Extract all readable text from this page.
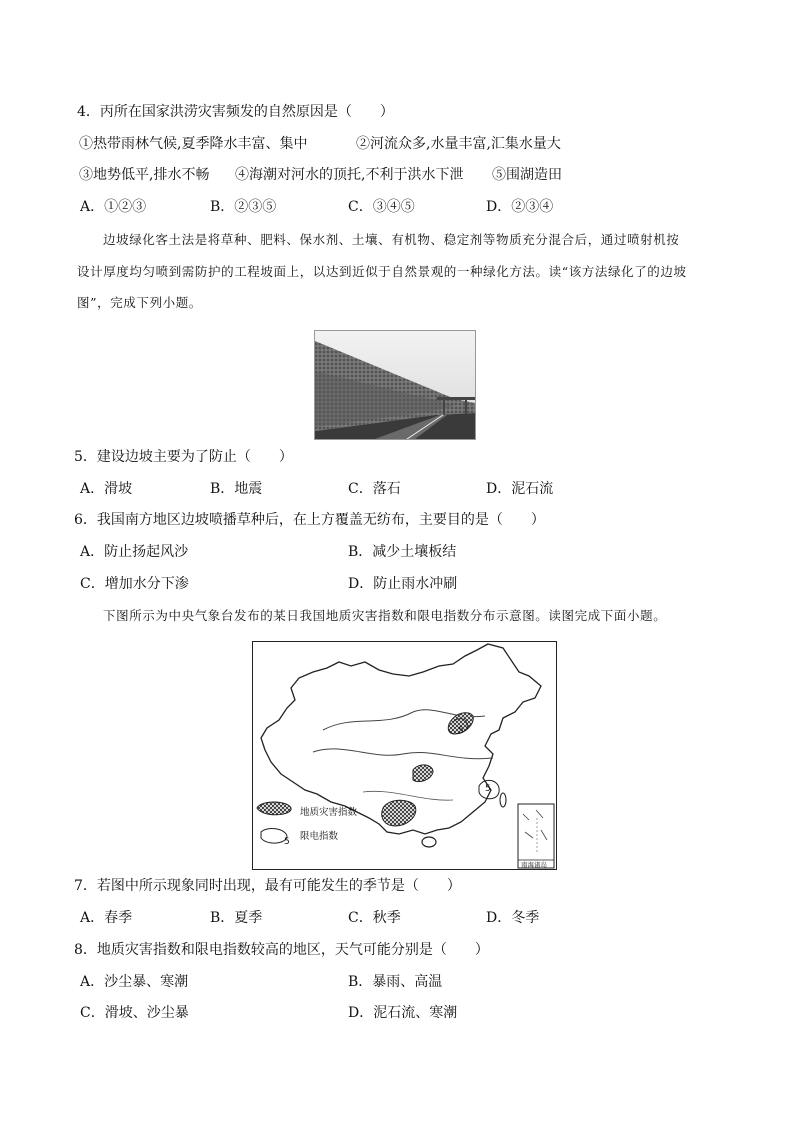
4．丙所在国家洪涝灾害频发的自然原因是（　　）
①热带雨林气候,夏季降水丰富、集中	②河流众多,水量丰富,汇集水量大
③地势低平,排水不畅 ④海潮对河水的顶托,不利于洪水下泄 ⑤围湖造田
A．①②③	B．②③⑤	C．③④⑤	D．②③④
边坡绿化客土法是将草种、肥料、保水剂、土壤、有机物、稳定剂等物质充分混合后，通过喷射机按
设计厚度均匀喷到需防护的工程坡面上，以达到近似于自然景观的一种绿化方法。读“该方法绿化了的边坡
图”，完成下列小题。
5．建设边坡主要为了防止（　　）
A．滑坡	B．地震	C．落石	D．泥石流
6．我国南方地区边坡喷播草种后，在上方覆盖无纺布，主要目的是（　　）
A．防止扬起风沙	B．减少土壤板结
C．增加水分下渗	D．防止雨水冲刷
下图所示为中央气象台发布的某日我国地质灾害指数和限电指数分布示意图。读图完成下面小题。
地质灾害指数
限电指数
5
5
5
南海诸岛
7．若图中所示现象同时出现，最有可能发生的季节是（　　）
A．春季	B．夏季	C．秋季	D．冬季
8．地质灾害指数和限电指数较高的地区，天气可能分别是（　　）
A．沙尘暴、寒潮	B．暴雨、高温
C．滑坡、沙尘暴	D．泥石流、寒潮
